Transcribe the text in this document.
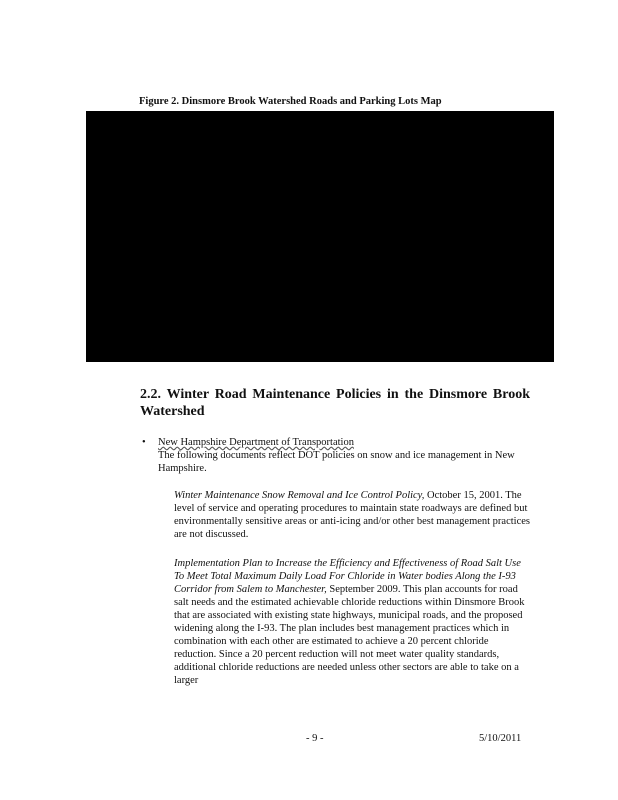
Figure 2. Dinsmore Brook Watershed Roads and Parking Lots Map
2.2. Winter Road Maintenance Policies in the Dinsmore Brook Watershed
• New Hampshire Department of Transportation
The following documents reflect DOT policies on snow and ice management in New Hampshire.
Winter Maintenance Snow Removal and Ice Control Policy, October 15, 2001. The level of service and operating procedures to maintain state roadways are defined but environmentally sensitive areas or anti-icing and/or other best management practices are not discussed.
Implementation Plan to Increase the Efficiency and Effectiveness of Road Salt Use To Meet Total Maximum Daily Load For Chloride in Water bodies Along the I-93 Corridor from Salem to Manchester, September 2009. This plan accounts for road salt needs and the estimated achievable chloride reductions within Dinsmore Brook that are associated with existing state highways, municipal roads, and the proposed widening along the I-93. The plan includes best management practices which in combination with each other are estimated to achieve a 20 percent chloride reduction. Since a 20 percent reduction will not meet water quality standards, additional chloride reductions are needed unless other sectors are able to take on a larger
- 9 -	5/10/2011
